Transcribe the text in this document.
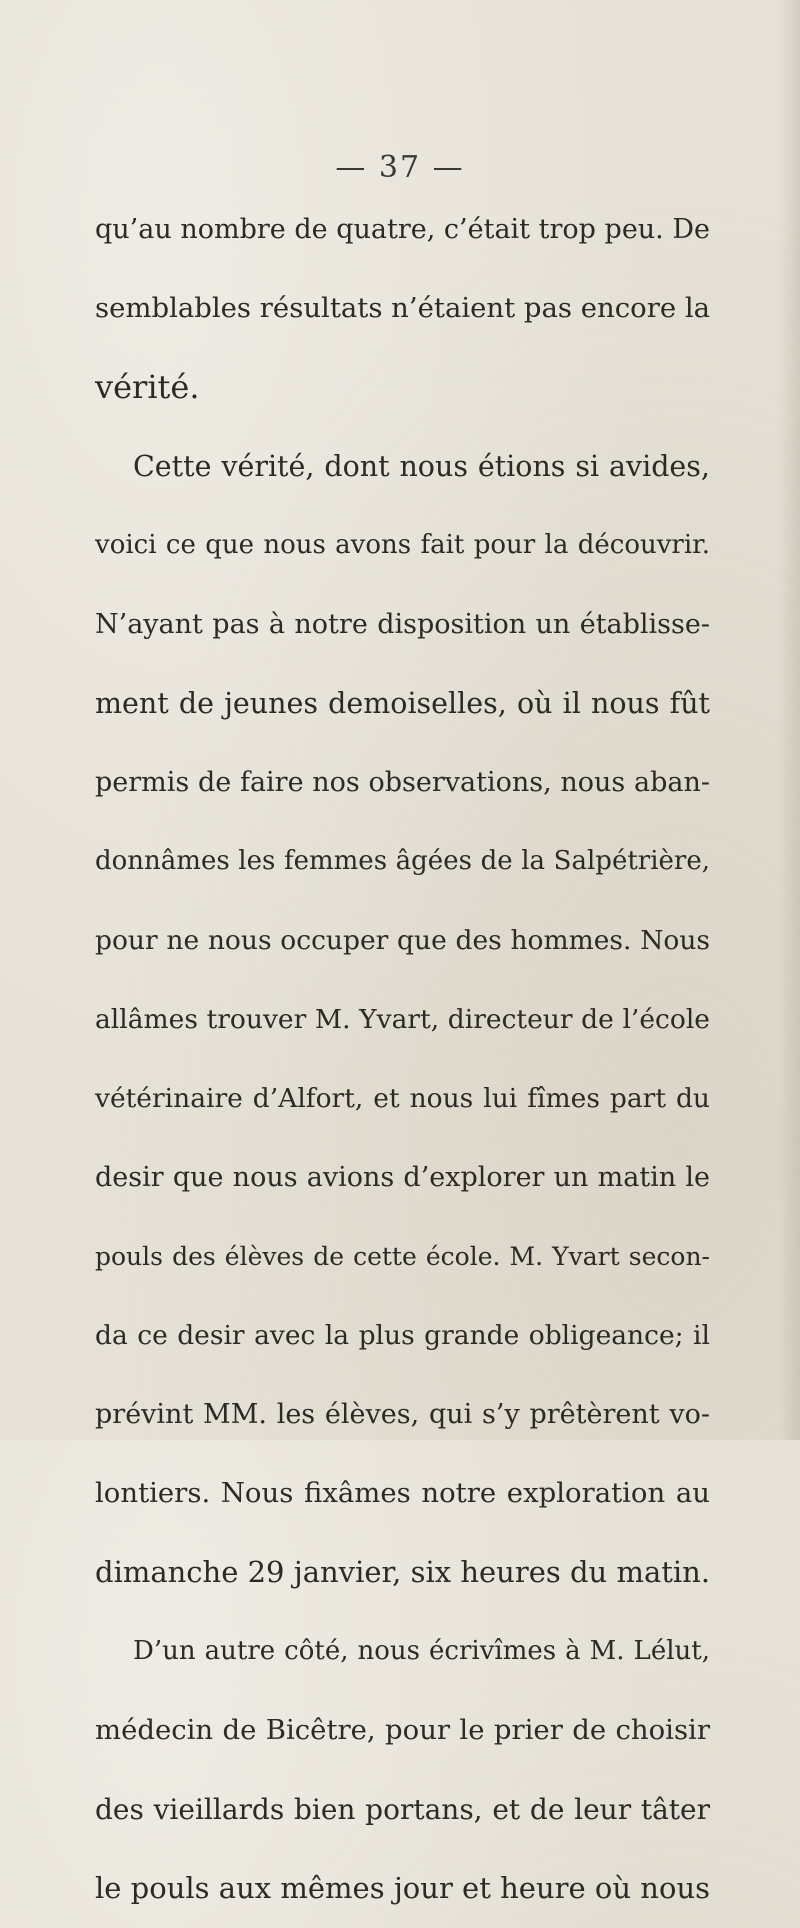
— 37 —
qu’au nombre de quatre, c’était trop peu. De
semblables résultats n’étaient pas encore la
vérité.
Cette vérité, dont nous étions si avides,
voici ce que nous avons fait pour la découvrir.
N’ayant pas à notre disposition un établisse-
ment de jeunes demoiselles, où il nous fût
permis de faire nos observations, nous aban-
donnâmes les femmes âgées de la Salpétrière,
pour ne nous occuper que des hommes. Nous
allâmes trouver M. Yvart, directeur de l’école
vétérinaire d’Alfort, et nous lui fîmes part du
desir que nous avions d’explorer un matin le
pouls des élèves de cette école. M. Yvart secon-
da ce desir avec la plus grande obligeance; il
prévint MM. les élèves, qui s’y prêtèrent vo-
lontiers. Nous fixâmes notre exploration au
dimanche 29 janvier, six heures du matin.
D’un autre côté, nous écrivîmes à M. Lélut,
médecin de Bicêtre, pour le prier de choisir
des vieillards bien portans, et de leur tâter
le pouls aux mêmes jour et heure où nous
